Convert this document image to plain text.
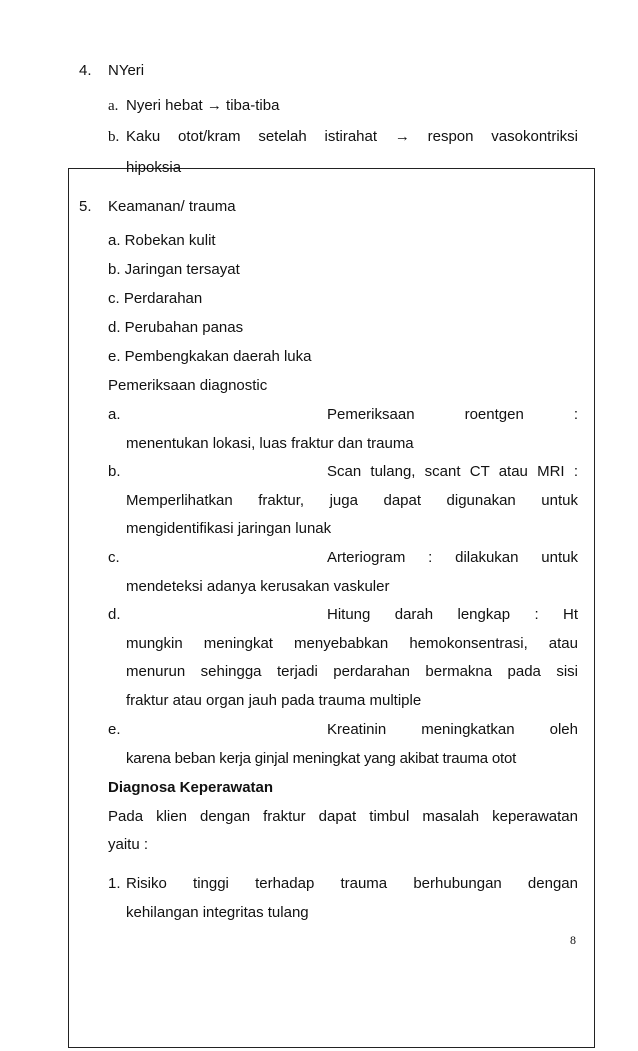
4. NYeri
a. Nyeri hebat → tiba-tiba
b. Kaku otot/kram setelah istirahat → respon vasokontriksi
hipoksia
5. Keamanan/ trauma
a. Robekan kulit
b. Jaringan tersayat
c. Perdarahan
d. Perubahan panas
e. Pembengkakan daerah luka
Pemeriksaan diagnostic
a.	Pemeriksaan roentgen :
menentukan lokasi, luas fraktur dan trauma
b.	Scan tulang, scant CT atau MRI :
Memperlihatkan fraktur, juga dapat digunakan untuk
mengidentifikasi jaringan lunak
c.	Arteriogram : dilakukan untuk
mendeteksi adanya kerusakan vaskuler
d.	Hitung darah lengkap : Ht
mungkin meningkat menyebabkan hemokonsentrasi, atau
menurun sehingga terjadi perdarahan bermakna pada sisi
fraktur atau organ jauh pada trauma multiple
e.	Kreatinin meningkatkan oleh
karena beban kerja ginjal meningkat yang akibat trauma otot
Diagnosa Keperawatan
Pada klien dengan fraktur dapat timbul masalah keperawatan
yaitu :
1. Risiko tinggi terhadap trauma berhubungan dengan
kehilangan integritas tulang
8
